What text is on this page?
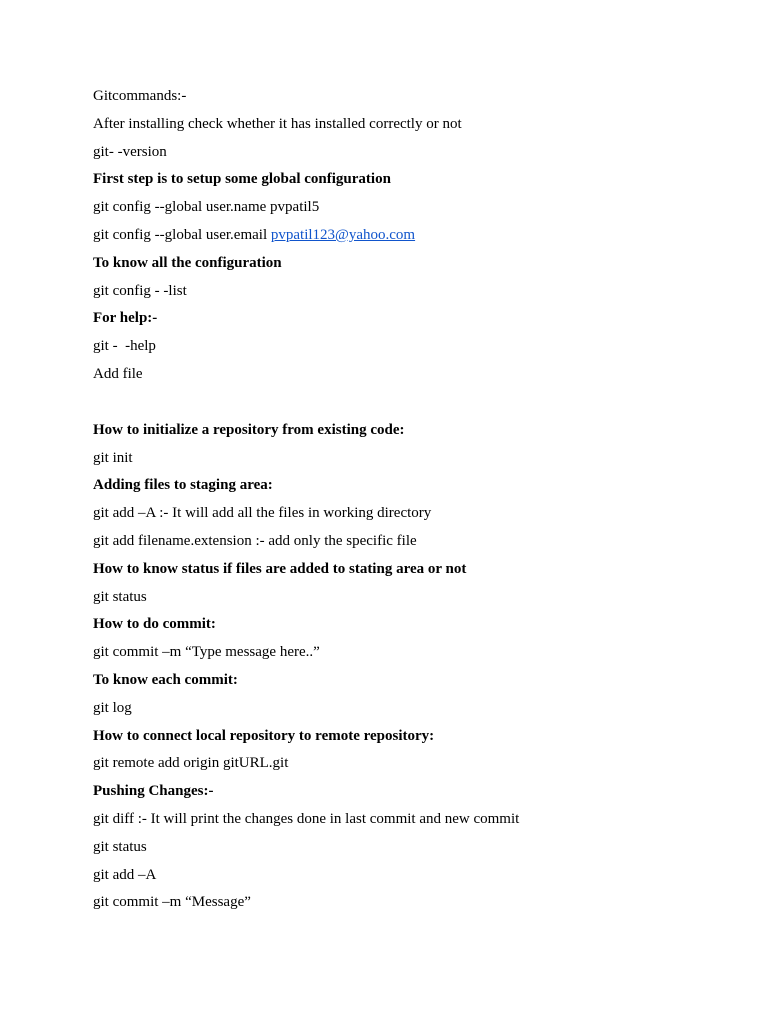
Gitcommands:-
After installing check whether it has installed correctly or not
git- -version
First step is to setup some global configuration
git config --global user.name pvpatil5
git config --global user.email pvpatil123@yahoo.com
To know all the configuration
git config - -list
For help:-
git -  -help
Add file
How to initialize a repository from existing code:
git init
Adding files to staging area:
git add –A :- It will add all the files in working directory
git add filename.extension :- add only the specific file
How to know status if files are added to stating area or not
git status
How to do commit:
git commit –m “Type message here..”
To know each commit:
git log
How to connect local repository to remote repository:
git remote add origin gitURL.git
Pushing Changes:-
git diff :- It will print the changes done in last commit and new commit
git status
git add –A
git commit –m “Message”
